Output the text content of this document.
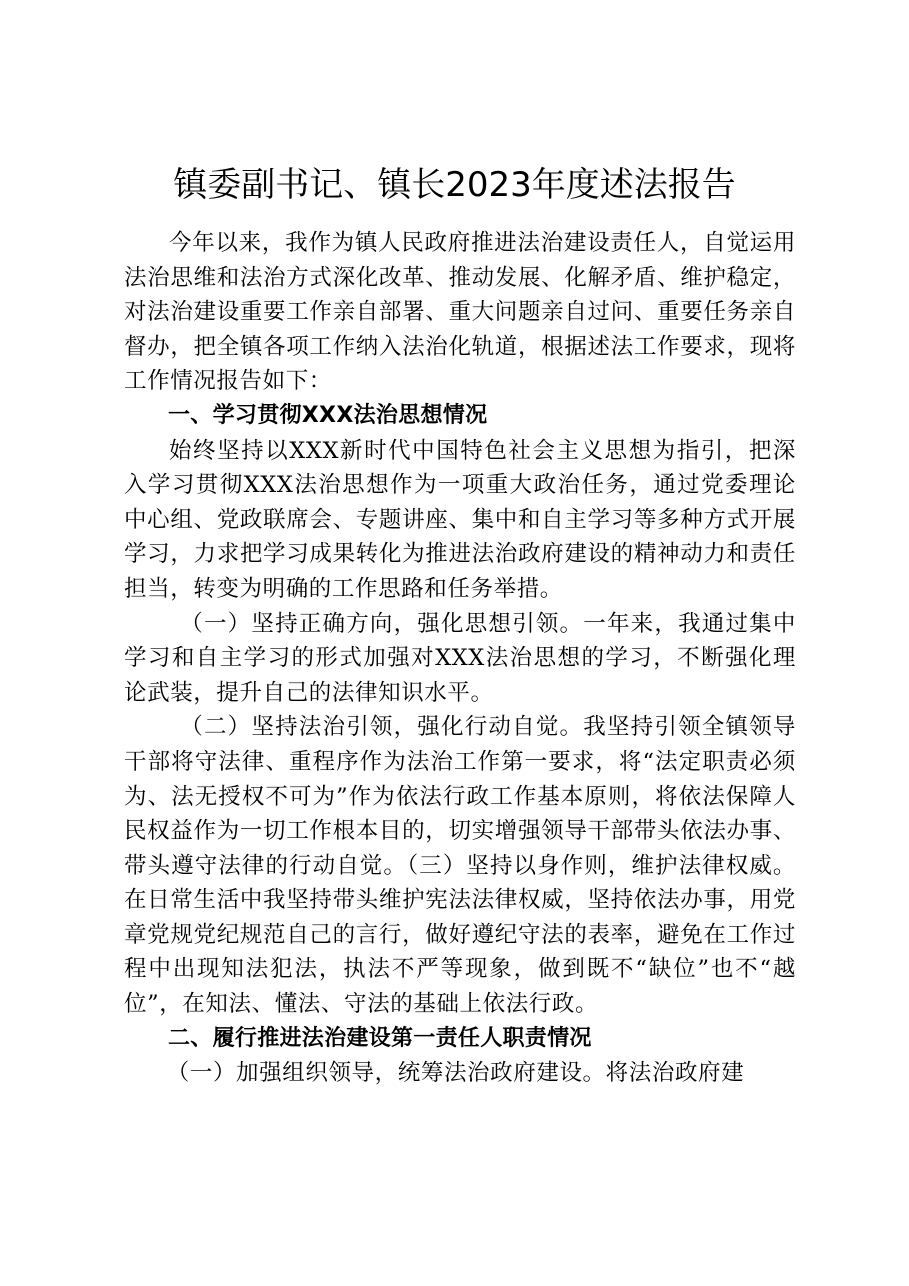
镇委副书记、镇长2023年度述法报告

今年以来，我作为镇人民政府推进法治建设责任人，自觉运用法治思维和法治方式深化改革、推动发展、化解矛盾、维护稳定，对法治建设重要工作亲自部署、重大问题亲自过问、重要任务亲自督办，把全镇各项工作纳入法治化轨道，根据述法工作要求，现将工作情况报告如下：

一、学习贯彻XXX法治思想情况

始终坚持以XXX新时代中国特色社会主义思想为指引，把深入学习贯彻XXX法治思想作为一项重大政治任务，通过党委理论中心组、党政联席会、专题讲座、集中和自主学习等多种方式开展学习，力求把学习成果转化为推进法治政府建设的精神动力和责任担当，转变为明确的工作思路和任务举措。

（一）坚持正确方向，强化思想引领。一年来，我通过集中学习和自主学习的形式加强对XXX法治思想的学习，不断强化理论武装，提升自己的法律知识水平。

（二）坚持法治引领，强化行动自觉。我坚持引领全镇领导干部将守法律、重程序作为法治工作第一要求，将“法定职责必须为、法无授权不可为”作为依法行政工作基本原则，将依法保障人民权益作为一切工作根本目的，切实增强领导干部带头依法办事、带头遵守法律的行动自觉。（三）坚持以身作则，维护法律权威。在日常生活中我坚持带头维护宪法法律权威，坚持依法办事，用党章党规党纪规范自己的言行，做好遵纪守法的表率，避免在工作过程中出现知法犯法，执法不严等现象，做到既不“缺位”也不“越位”，在知法、懂法、守法的基础上依法行政。

二、履行推进法治建设第一责任人职责情况

（一）加强组织领导，统筹法治政府建设。将法治政府建
